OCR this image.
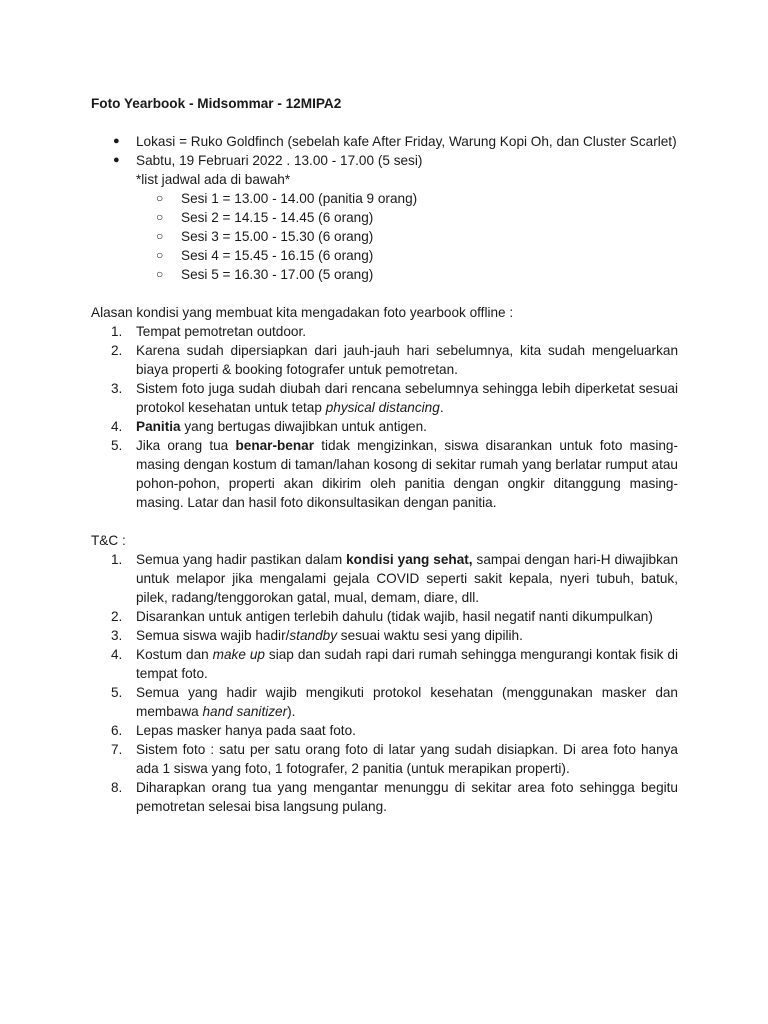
Foto Yearbook - Midsommar - 12MIPA2

● Lokasi = Ruko Goldfinch (sebelah kafe After Friday, Warung Kopi Oh, dan Cluster Scarlet)
● Sabtu, 19 Februari 2022 . 13.00 - 17.00 (5 sesi)
*list jadwal ada di bawah*
○ Sesi 1 = 13.00 - 14.00 (panitia 9 orang)
○ Sesi 2 = 14.15 - 14.45 (6 orang)
○ Sesi 3 = 15.00 - 15.30 (6 orang)
○ Sesi 4 = 15.45 - 16.15 (6 orang)
○ Sesi 5 = 16.30 - 17.00 (5 orang)
Alasan kondisi yang membuat kita mengadakan foto yearbook offline :
1. Tempat pemotretan outdoor.
2. Karena sudah dipersiapkan dari jauh-jauh hari sebelumnya, kita sudah mengeluarkan biaya properti & booking fotografer untuk pemotretan.
3. Sistem foto juga sudah diubah dari rencana sebelumnya sehingga lebih diperketat sesuai protokol kesehatan untuk tetap physical distancing.
4. Panitia yang bertugas diwajibkan untuk antigen.
5. Jika orang tua benar-benar tidak mengizinkan, siswa disarankan untuk foto masing-masing dengan kostum di taman/lahan kosong di sekitar rumah yang berlatar rumput atau pohon-pohon, properti akan dikirim oleh panitia dengan ongkir ditanggung masing-masing. Latar dan hasil foto dikonsultasikan dengan panitia.
T&C :
1. Semua yang hadir pastikan dalam kondisi yang sehat, sampai dengan hari-H diwajibkan untuk melapor jika mengalami gejala COVID seperti sakit kepala, nyeri tubuh, batuk, pilek, radang/tenggorokan gatal, mual, demam, diare, dll.
2. Disarankan untuk antigen terlebih dahulu (tidak wajib, hasil negatif nanti dikumpulkan)
3. Semua siswa wajib hadir/standby sesuai waktu sesi yang dipilih.
4. Kostum dan make up siap dan sudah rapi dari rumah sehingga mengurangi kontak fisik di tempat foto.
5. Semua yang hadir wajib mengikuti protokol kesehatan (menggunakan masker dan membawa hand sanitizer).
6. Lepas masker hanya pada saat foto.
7. Sistem foto : satu per satu orang foto di latar yang sudah disiapkan. Di area foto hanya ada 1 siswa yang foto, 1 fotografer, 2 panitia (untuk merapikan properti).
8. Diharapkan orang tua yang mengantar menunggu di sekitar area foto sehingga begitu pemotretan selesai bisa langsung pulang.
